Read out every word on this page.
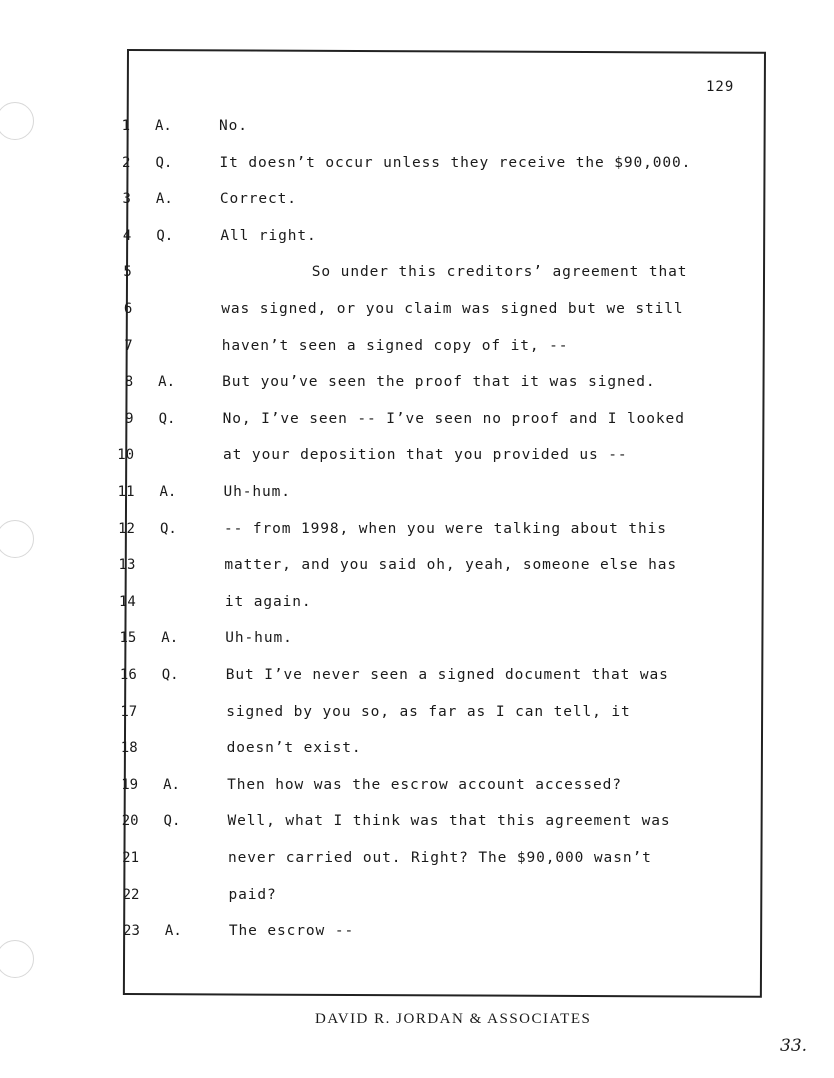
129
1 A.	No.
2 Q.	It doesn’t occur unless they receive the $90,000.
3 A.	Correct.
4 Q.	All right.
5	So under this creditors’ agreement that
6	was signed, or you claim was signed but we still
7	haven’t seen a signed copy of it, --
8 A.	But you’ve seen the proof that it was signed.
9 Q.	No, I’ve seen -- I’ve seen no proof and I looked
10	at your deposition that you provided us --
11 A.	Uh-hum.
12 Q.	-- from 1998, when you were talking about this
13	matter, and you said oh, yeah, someone else has
14	it again.
15 A.	Uh-hum.
16 Q.	But I’ve never seen a signed document that was
17	signed by you so, as far as I can tell, it
18	doesn’t exist.
19 A.	Then how was the escrow account accessed?
20 Q.	Well, what I think was that this agreement was
21	never carried out. Right? The $90,000 wasn’t
22	paid?
23 A.	The escrow --
DAVID R. JORDAN & ASSOCIATES
33.
